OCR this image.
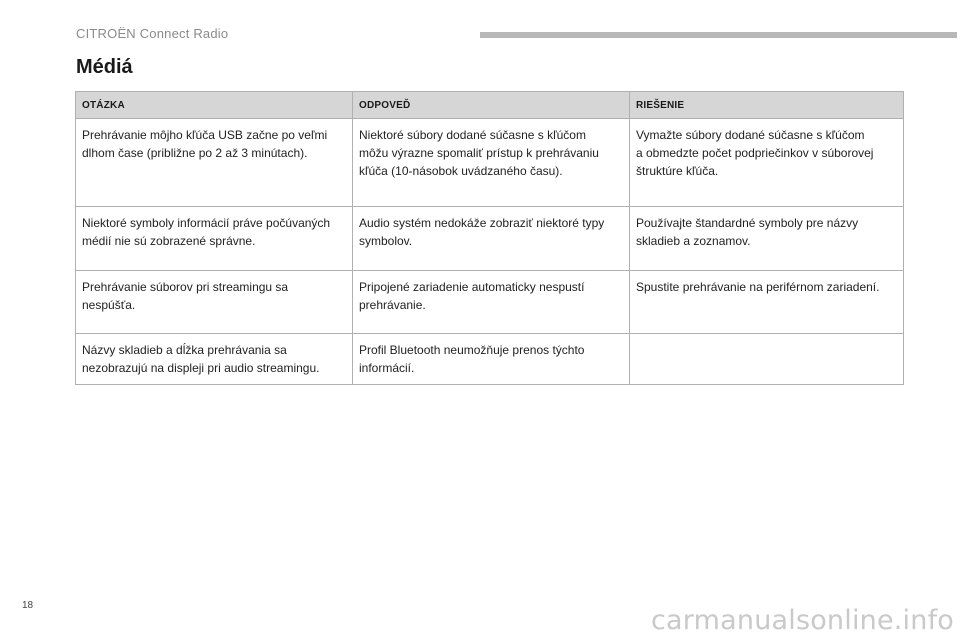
CITROËN Connect Radio
Médiá
OTÁZKA	ODPOVEĎ	RIEŠENIE

Prehrávanie môjho kľúča USB začne po veľmi
dlhom čase (približne po 2 až 3 minútach).	Niektoré súbory dodané súčasne s kľúčom
môžu výrazne spomaliť prístup k prehrávaniu
kľúča (10-násobok uvádzaného času).	Vymažte súbory dodané súčasne s kľúčom
a obmedzte počet podpriečinkov v súborovej
štruktúre kľúča.

Niektoré symboly informácií práve počúvaných
médií nie sú zobrazené správne.	Audio systém nedokáže zobraziť niektoré typy
symbolov.	Používajte štandardné symboly pre názvy
skladieb a zoznamov.

Prehrávanie súborov pri streamingu sa
nespúšťa.	Pripojené zariadenie automaticky nespustí
prehrávanie.	Spustite prehrávanie na periférnom zariadení.

Názvy skladieb a dĺžka prehrávania sa
nezobrazujú na displeji pri audio streamingu.	Profil Bluetooth neumožňuje prenos týchto
informácií.	

18	carmanualsonline.info
